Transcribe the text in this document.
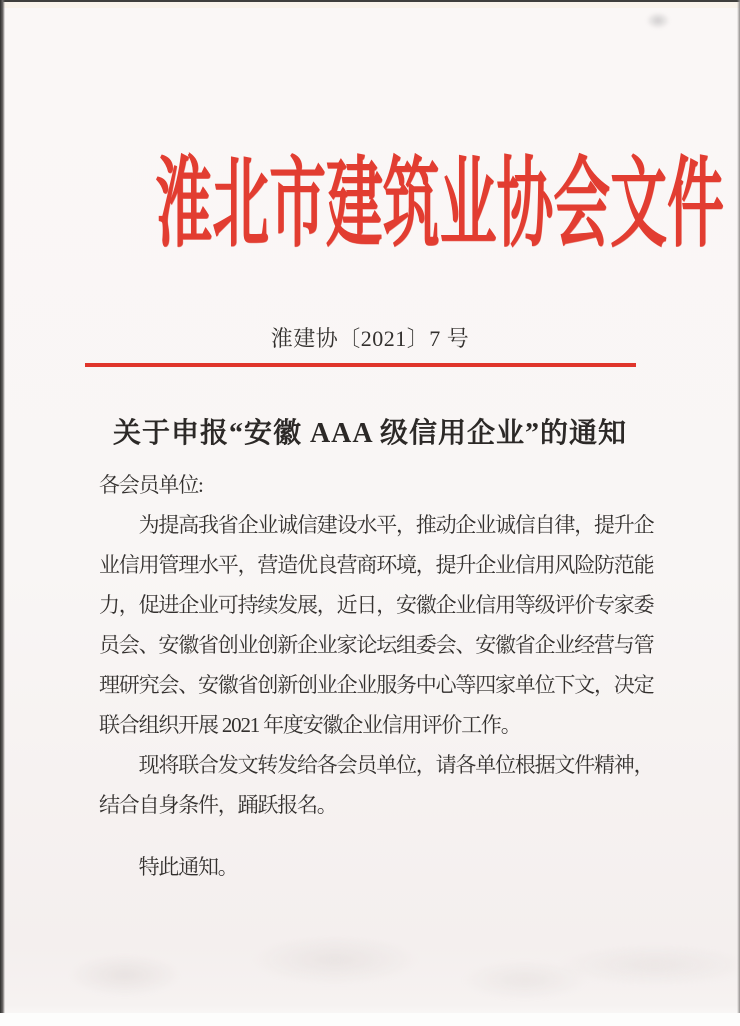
淮北市建筑业协会文件
淮建协〔2021〕7 号
关于申报“安徽 AAA 级信用企业”的通知
各会员单位:
　　为提高我省企业诚信建设水平，推动企业诚信自律，提升企
业信用管理水平，营造优良营商环境，提升企业信用风险防范能
力，促进企业可持续发展，近日，安徽企业信用等级评价专家委
员会、安徽省创业创新企业家论坛组委会、安徽省企业经营与管
理研究会、安徽省创新创业企业服务中心等四家单位下文，决定
联合组织开展 2021 年度安徽企业信用评价工作。
　　现将联合发文转发给各会员单位，请各单位根据文件精神，
结合自身条件，踊跃报名。
　　特此通知。
